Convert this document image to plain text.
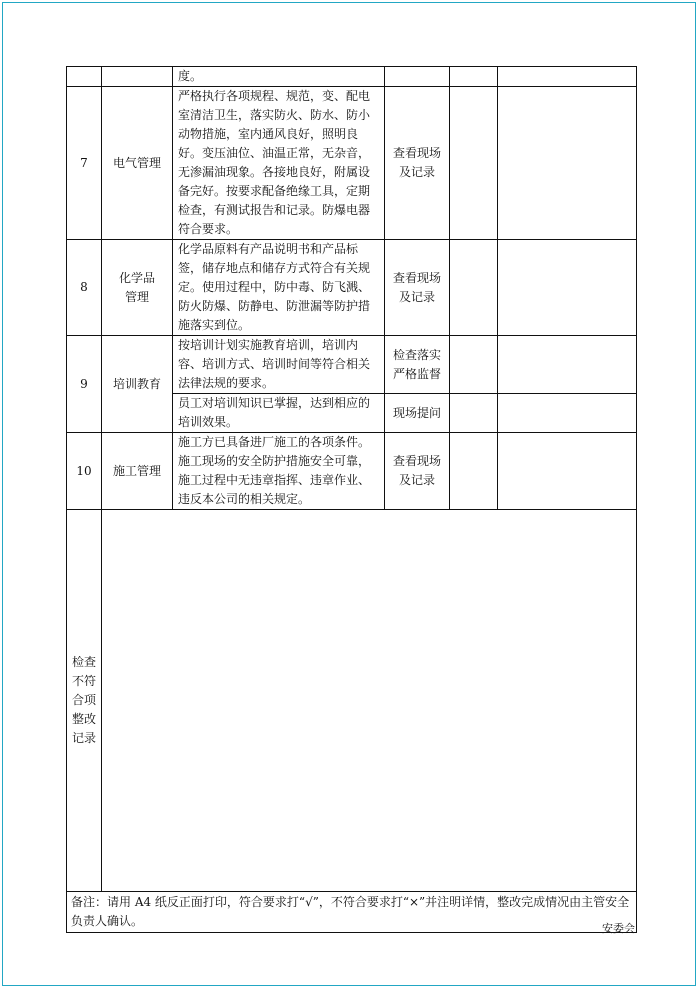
		度。			
7	电气管理	严格执行各项规程、规范，变、配电室清洁卫生，落实防火、防水、防小动物措施，室内通风良好，照明良好。变压油位、油温正常，无杂音，无渗漏油现象。各接地良好，附属设备完好。按要求配备绝缘工具，定期检查，有测试报告和记录。防爆电器符合要求。	查看现场及记录		
8	化学品管理	化学品原料有产品说明书和产品标签，储存地点和储存方式符合有关规定。使用过程中，防中毒、防飞溅、防火防爆、防静电、防泄漏等防护措施落实到位。	查看现场及记录		
9	培训教育	按培训计划实施教育培训，培训内容、培训方式、培训时间等符合相关法律法规的要求。	检查落实严格监督		
		员工对培训知识已掌握，达到相应的培训效果。	现场提问		
10	施工管理	施工方已具备进厂施工的各项条件。施工现场的安全防护措施安全可靠，施工过程中无违章指挥、违章作业、违反本公司的相关规定。	查看现场及记录		
检查不符合项整改记录					
备注：请用 A4 纸反正面打印，符合要求打“√”，不符合要求打“×”并注明详情，整改完成情况由主管安全负责人确认。					
安委会
